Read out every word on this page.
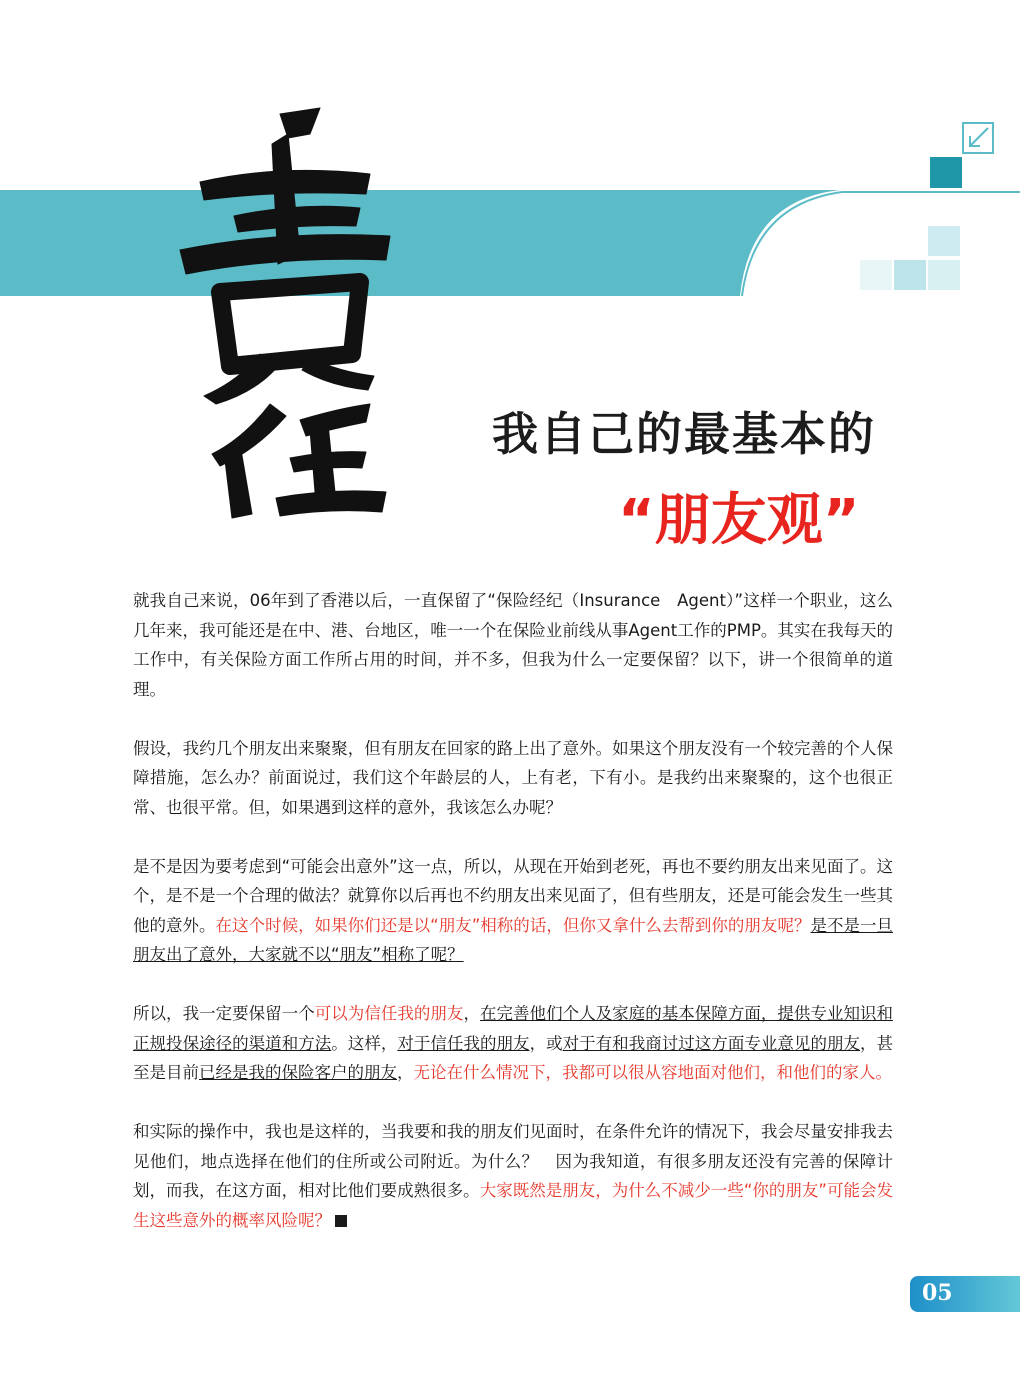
Simple Dream of Macallon
我自己的最基本的
“朋友观”

就我自己来说，06年到了香港以后，一直保留了“保险经纪（Insurance　Agent）”这样一个职业，这么几年来，我可能还是在中、港、台地区，唯一一个在保险业前线从事Agent工作的PMP。其实在我每天的工作中，有关保险方面工作所占用的时间，并不多，但我为什么一定要保留？以下，讲一个很简单的道理。

假设，我约几个朋友出来聚聚，但有朋友在回家的路上出了意外。如果这个朋友没有一个较完善的个人保障措施，怎么办？前面说过，我们这个年龄层的人，上有老，下有小。是我约出来聚聚的，这个也很正常、也很平常。但，如果遇到这样的意外，我该怎么办呢？

是不是因为要考虑到“可能会出意外”这一点，所以，从现在开始到老死，再也不要约朋友出来见面了。这个，是不是一个合理的做法？就算你以后再也不约朋友出来见面了，但有些朋友，还是可能会发生一些其他的意外。在这个时候，如果你们还是以“朋友”相称的话，但你又拿什么去帮到你的朋友呢？是不是一旦朋友出了意外，大家就不以“朋友”相称了呢？

所以，我一定要保留一个可以为信任我的朋友，在完善他们个人及家庭的基本保障方面，提供专业知识和正规投保途径的渠道和方法。这样，对于信任我的朋友，或对于有和我商讨过这方面专业意见的朋友，甚至是目前已经是我的保险客户的朋友，无论在什么情况下，我都可以很从容地面对他们，和他们的家人。

和实际的操作中，我也是这样的，当我要和我的朋友们见面时，在条件允许的情况下，我会尽量安排我去见他们，地点选择在他们的住所或公司附近。为什么？　因为我知道，有很多朋友还没有完善的保障计划，而我，在这方面，相对比他们要成熟很多。大家既然是朋友，为什么不减少一些“你的朋友”可能会发生这些意外的概率风险呢？

05
